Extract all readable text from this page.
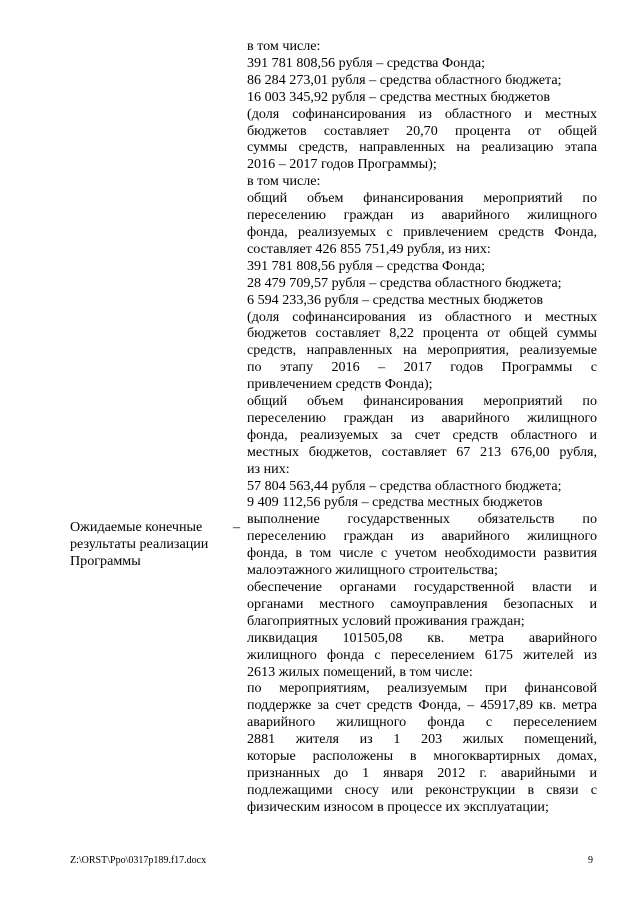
в том числе:
391 781 808,56 рубля – средства Фонда;
86 284 273,01 рубля – средства областного бюджета;
16 003 345,92 рубля – средства местных бюджетов
(доля софинансирования из областного и местных
бюджетов составляет 20,70 процента от общей
суммы средств, направленных на реализацию этапа
2016 – 2017 годов Программы);
в том числе:
общий объем финансирования мероприятий по
переселению граждан из аварийного жилищного
фонда, реализуемых с привлечением средств Фонда,
составляет 426 855 751,49 рубля, из них:
391 781 808,56 рубля – средства Фонда;
28 479 709,57 рубля – средства областного бюджета;
6 594 233,36 рубля – средства местных бюджетов
(доля софинансирования из областного и местных
бюджетов составляет 8,22 процента от общей суммы
средств, направленных на мероприятия, реализуемые
по этапу 2016 – 2017 годов Программы с
привлечением средств Фонда);
общий объем финансирования мероприятий по
переселению граждан из аварийного жилищного
фонда, реализуемых за счет средств областного и
местных бюджетов, составляет 67 213 676,00 рубля,
из них:
57 804 563,44 рубля – средства областного бюджета;
9 409 112,56 рубля – средства местных бюджетов
выполнение государственных обязательств по
переселению граждан из аварийного жилищного
фонда, в том числе с учетом необходимости развития
малоэтажного жилищного строительства;
обеспечение органами государственной власти и
органами местного самоуправления безопасных и
благоприятных условий проживания граждан;
ликвидация 101505,08 кв. метра аварийного
жилищного фонда с переселением 6175 жителей из
2613 жилых помещений, в том числе:
по мероприятиям, реализуемым при финансовой
поддержке за счет средств Фонда, – 45917,89 кв. метра
аварийного жилищного фонда с переселением
2881 жителя из 1 203 жилых помещений,
которые расположены в многоквартирных домах,
признанных до 1 января 2012 г. аварийными и
подлежащими сносу или реконструкции в связи с
физическим износом в процессе их эксплуатации;
Ожидаемые конечные
результаты реализации
Программы
–
Z:\ORST\Ppo\0317p189.f17.docx	9
